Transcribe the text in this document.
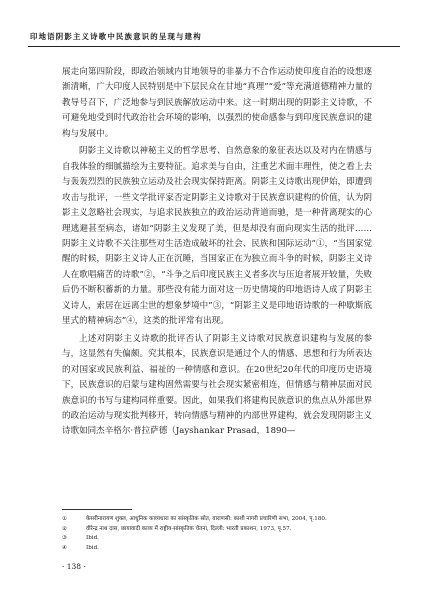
印地语阴影主义诗歌中民族意识的呈现与建构

展走向第四阶段，即政治领域内甘地领导的非暴力不合作运动使印度自治的设想逐渐清晰，广大印度人民特别是中下层民众在甘地“真理”“爱”等充满道德精神力量的教导号召下，广泛地参与到民族解放运动中来。这一时期出现的阴影主义诗歌，不可避免地受到时代政治社会环境的影响，以强烈的使命感参与到印度民族意识的建构与发展中。

阴影主义诗歌以神秘主义的哲学思考、自然意象的象征表达以及对内在情感与自我体验的细腻描绘为主要特征。追求美与自由，注重艺术面丰理性，使之看上去与轰轰烈烈的民族独立运动及社会现实保持距离。阴影主义诗歌出现伊始，即遭到攻击与批评，一些文学批评家否定阴影主义诗歌对于民族意识建构的价值，认为阴影主义忽略社会现实，与追求民族独立的政治运动背道而驰，是一种背离现实的心理逃避甚至病态，诸如“阴影主义发现了美，但是却没有面向现实生活的批评……阴影主义诗歌不关注那些对生活造成破坏的社会、民族和国际运动”①，“当国家觉醒的时候，阴影主义诗人正在沉睡，当国家正在为独立而斗争的时候，阴影主义诗人在歌唱痛苦的诗歌”②，“斗争之后印度民族主义者多次与压迫者展开较量，失败后仍不断积蓄新的力量。那些没有能力面对这一历史情境的印地语诗人成了阴影主义诗人，索居在远离尘世的想象梦境中”③，“阴影主义是印地语诗歌的一种歇斯底里式的精神病态”④，这类的批评常有出现。

上述对阴影主义诗歌的批评否认了阴影主义诗歌对民族意识建构与发展的参与，这显然有失偏颇。究其根本，民族意识是通过个人的情感、思想和行为所表达的对国家或民族利益、福祉的一种情感和意识。在20世纪20年代的印度历史语境下，民族意识的启蒙与建构固然需要与社会现实紧密相连，但情感与精神层面对民族意识的书写与建构同样重要。因此，如果我们将建构民族意识的焦点从外部世界的政治运动与现实批判移开，转向情感与精神的内部世界建构，就会发现阴影主义诗歌如同杰辛格尔·普拉萨德（Jayshankar Prasad，1890—

①	केसरीनारायण शुक्ल, आधुनिक काव्यधारा का सांस्कृतिक स्रोत, वाराणसी: काशी नागरी प्रचारिणी सभा, 2004, पृ.180.
②	वीरेन्द्र नाथ दास, छायावादी काव्य में राष्ट्रीय-सांस्कृतिक चेतना, दिल्ली: भारती प्रकाशन, 1973, पृ.57.
③	Ibid.
④	Ibid.
· 138 ·
